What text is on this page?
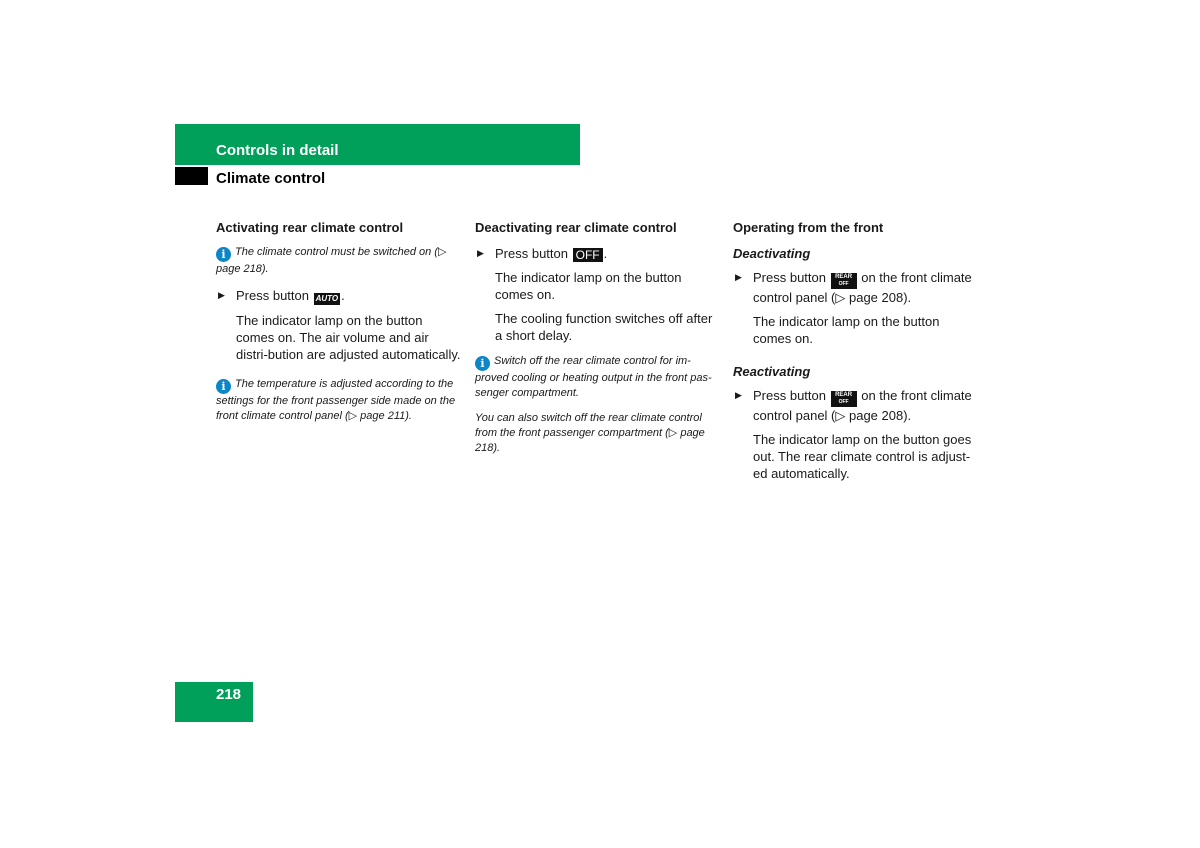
Controls in detail
Climate control
Activating rear climate control
i The climate control must be switched on (▷ page 218).
▶ Press button AUTO .
The indicator lamp on the button comes on. The air volume and air distri-bution are adjusted automatically.
i The temperature is adjusted according to the settings for the front passenger side made on the front climate control panel (▷ page 211).
Deactivating rear climate control
▶ Press button OFF .
The indicator lamp on the button comes on.
The cooling function switches off after a short delay.
i Switch off the rear climate control for im-proved cooling or heating output in the front pas-senger compartment.
You can also switch off the rear climate control from the front passenger compartment (▷ page 218).
Operating from the front
Deactivating
▶ Press button REAR
OFF on the front climate control panel (▷ page 208).
The indicator lamp on the button comes on.
Reactivating
▶ Press button REAR
OFF on the front climate control panel (▷ page 208).
The indicator lamp on the button goes out. The rear climate control is adjust-ed automatically.
218
